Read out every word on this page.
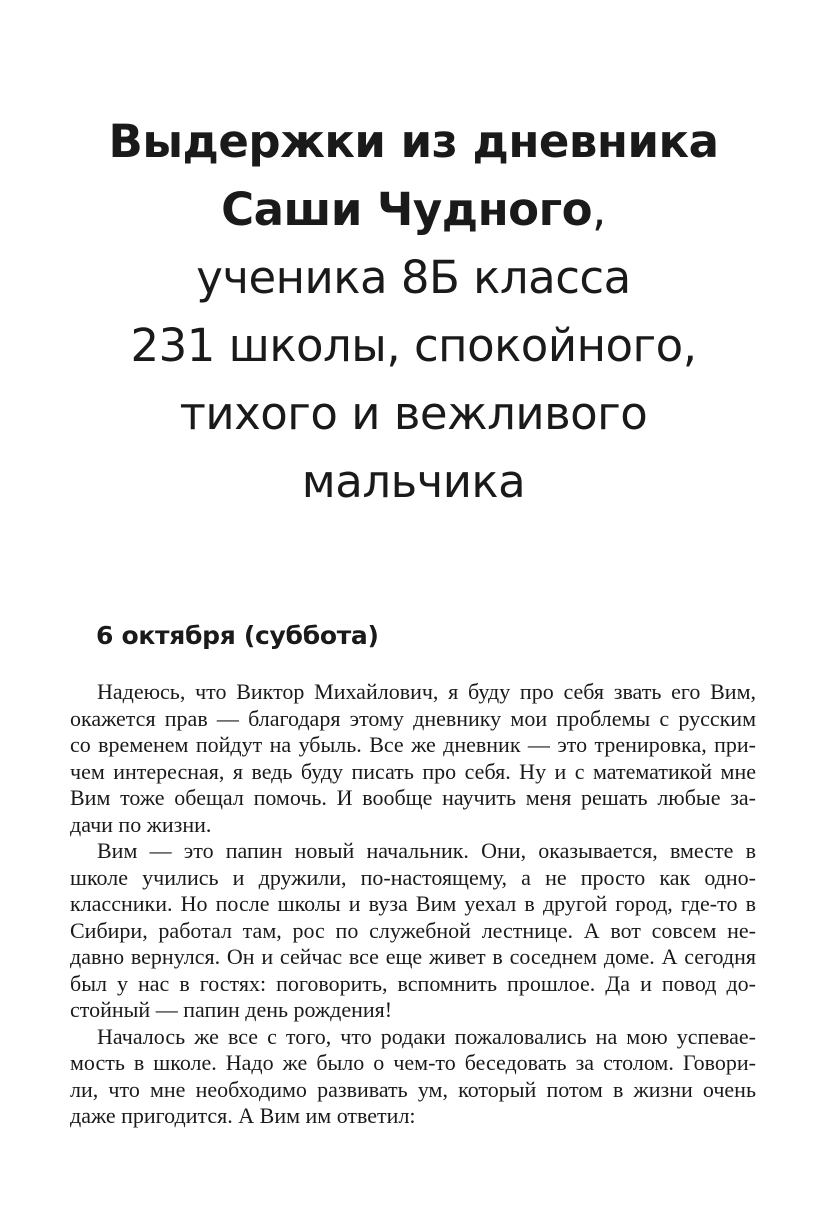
Выдержки из дневника
Саши Чудного,
ученика 8Б класса
231 школы, спокойного,
тихого и вежливого
мальчика
6 октября (суббота)
Надеюсь, что Виктор Михайлович, я буду про себя звать его Вим,
окажется прав — благодаря этому дневнику мои проблемы с русским
со временем пойдут на убыль. Все же дневник — это тренировка, при-
чем интересная, я ведь буду писать про себя. Ну и с математикой мне
Вим тоже обещал помочь. И вообще научить меня решать любые за-
дачи по жизни.
Вим — это папин новый начальник. Они, оказывается, вместе в
школе учились и дружили, по-настоящему, а не просто как одно-
классники. Но после школы и вуза Вим уехал в другой город, где-то в
Сибири, работал там, рос по служебной лестнице. А вот совсем не-
давно вернулся. Он и сейчас все еще живет в соседнем доме. А сегодня
был у нас в гостях: поговорить, вспомнить прошлое. Да и повод до-
стойный — папин день рождения!
Началось же все с того, что родаки пожаловались на мою успевае-
мость в школе. Надо же было о чем-то беседовать за столом. Говори-
ли, что мне необходимо развивать ум, который потом в жизни очень
даже пригодится. А Вим им ответил:
